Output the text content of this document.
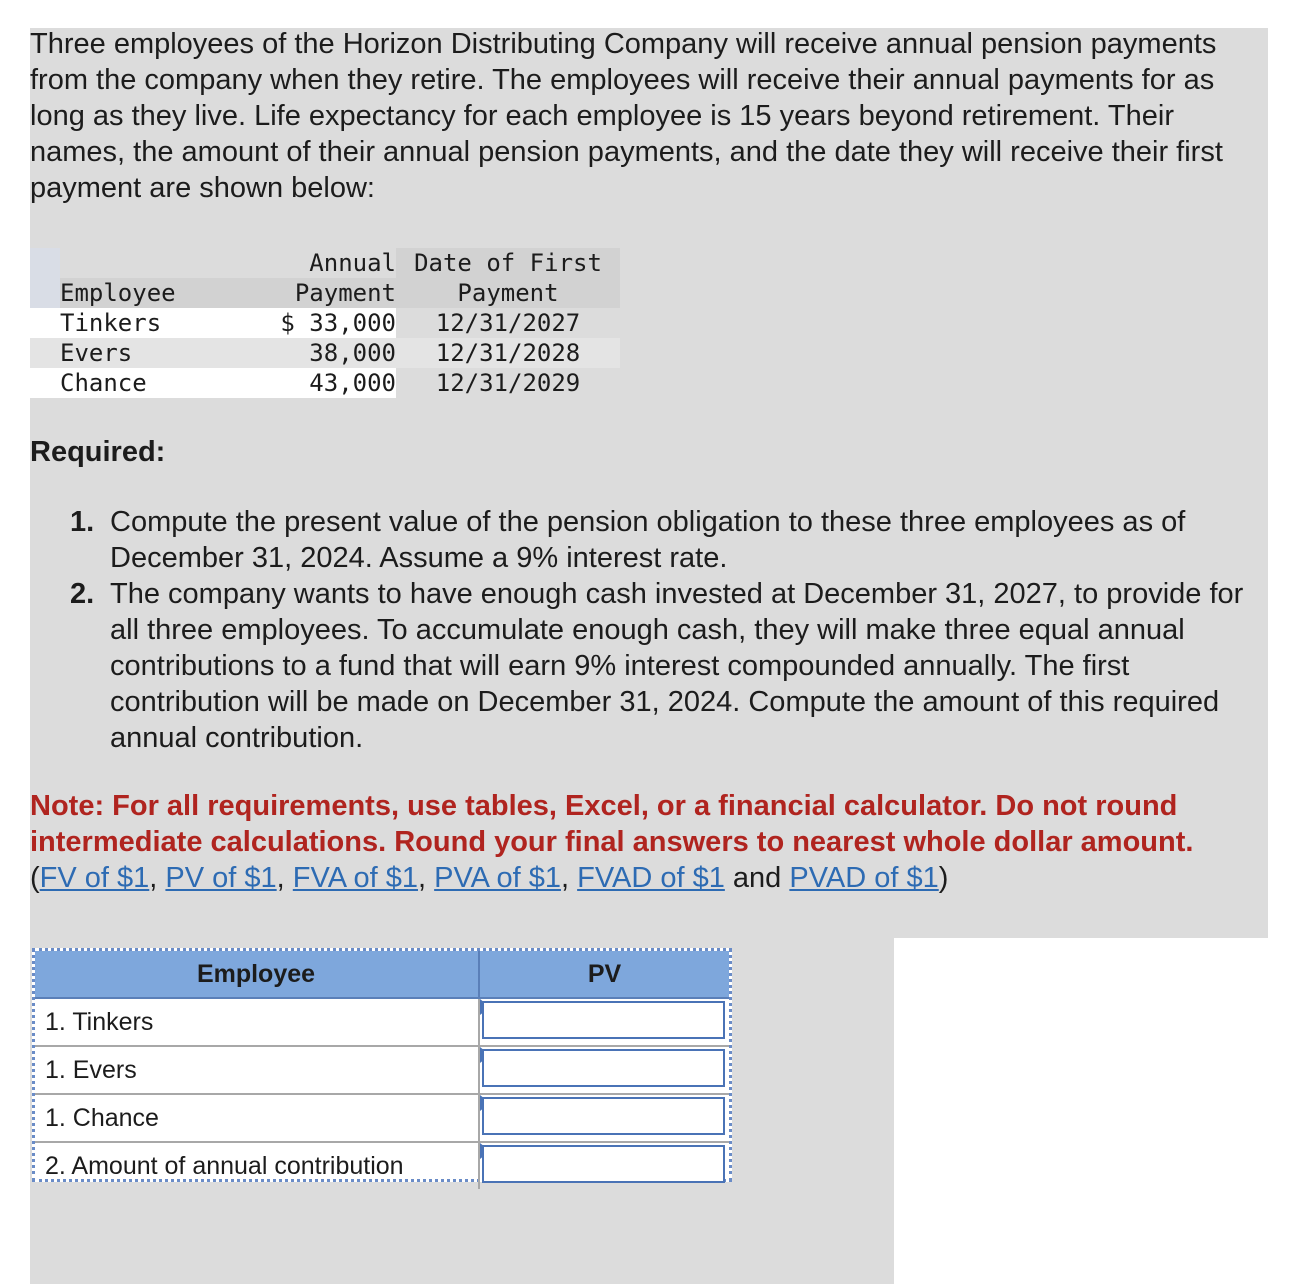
Three employees of the Horizon Distributing Company will receive annual pension payments from the company when they retire. The employees will receive their annual payments for as long as they live. Life expectancy for each employee is 15 years beyond retirement. Their names, the amount of their annual pension payments, and the date they will receive their first payment are shown below:

		Annual	Date of First
	Employee	Payment	Payment
	Tinkers	$ 33,000	12/31/2027
	Evers	38,000	12/31/2028
	Chance	43,000	12/31/2029

Required:

1. Compute the present value of the pension obligation to these three employees as of December 31, 2024. Assume a 9% interest rate.
2. The company wants to have enough cash invested at December 31, 2027, to provide for all three employees. To accumulate enough cash, they will make three equal annual contributions to a fund that will earn 9% interest compounded annually. The first contribution will be made on December 31, 2024. Compute the amount of this required annual contribution.

Note: For all requirements, use tables, Excel, or a financial calculator. Do not round intermediate calculations. Round your final answers to nearest whole dollar amount.

(FV of $1, PV of $1, FVA of $1, PVA of $1, FVAD of $1 and PVAD of $1)

Employee	PV
1. Tinkers	

1. Evers	

1. Chance	

2. Amount of annual contribution	
